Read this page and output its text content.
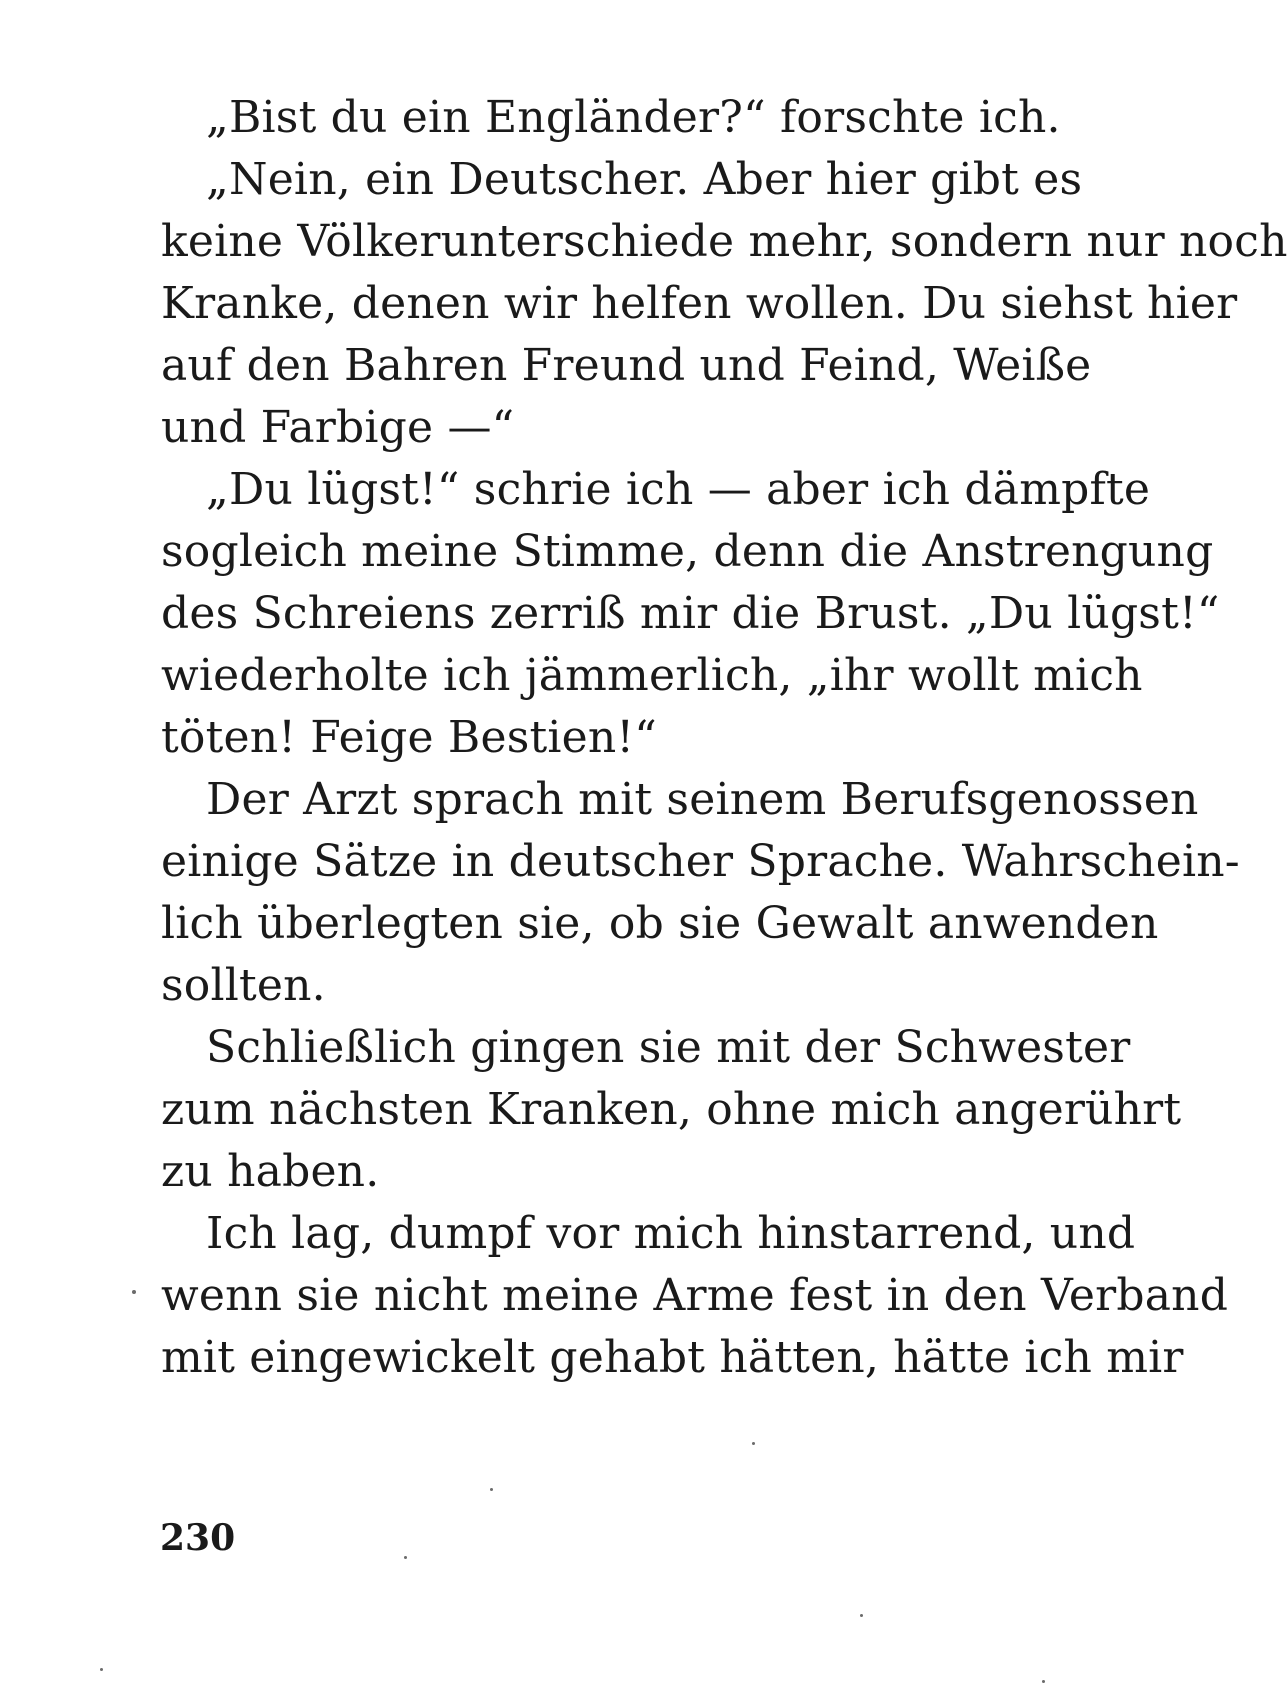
„Bist du ein Engländer?“ forschte ich.
„Nein, ein Deutscher. Aber hier gibt es
keine Völkerunterschiede mehr, sondern nur noch
Kranke, denen wir helfen wollen. Du siehst hier
auf den Bahren Freund und Feind, Weiße
und Farbige —“
„Du lügst!“ schrie ich — aber ich dämpfte
sogleich meine Stimme, denn die Anstrengung
des Schreiens zerriß mir die Brust. „Du lügst!“
wiederholte ich jämmerlich, „ihr wollt mich
töten! Feige Bestien!“
Der Arzt sprach mit seinem Berufsgenossen
einige Sätze in deutscher Sprache. Wahrschein-
lich überlegten sie, ob sie Gewalt anwenden
sollten.
Schließlich gingen sie mit der Schwester
zum nächsten Kranken, ohne mich angerührt
zu haben.
Ich lag, dumpf vor mich hinstarrend, und
wenn sie nicht meine Arme fest in den Verband
mit eingewickelt gehabt hätten, hätte ich mir
230
